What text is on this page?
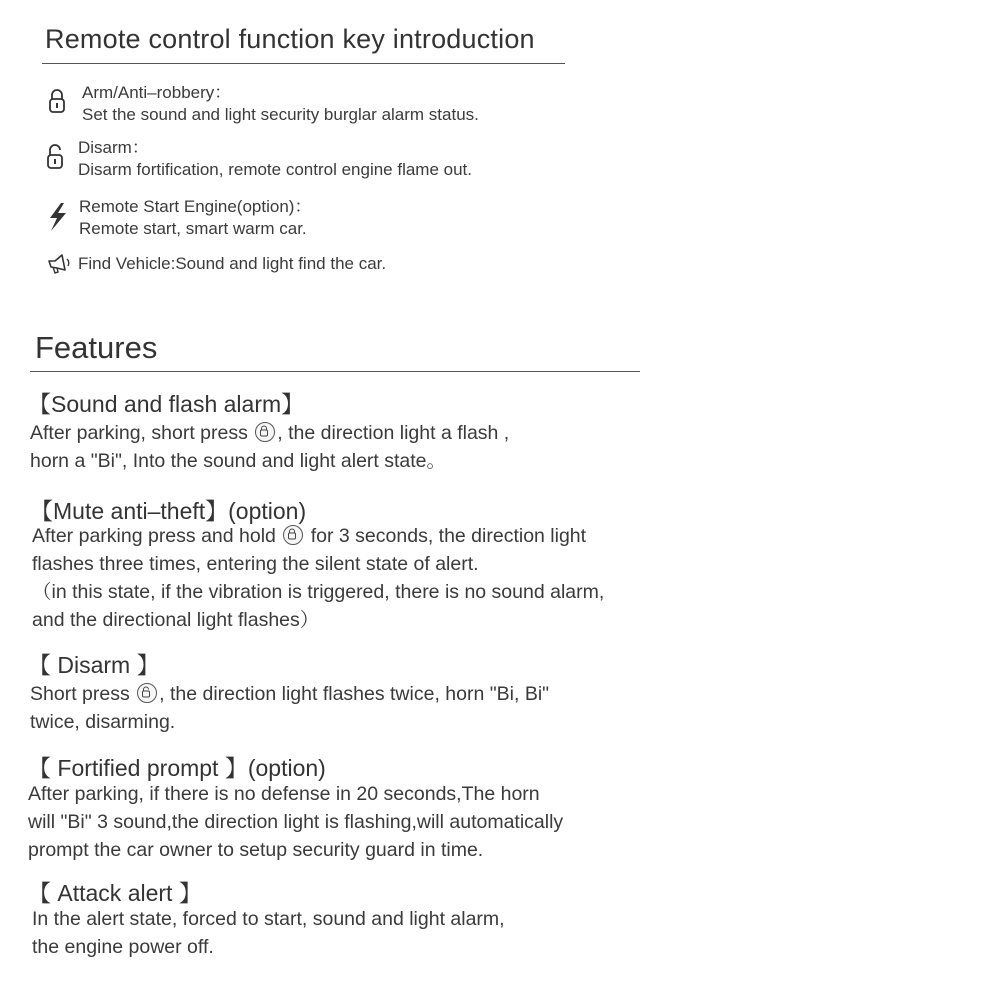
Remote control function key introduction
Arm/Anti–robbery：
Set the sound and light security burglar alarm status.
Disarm：
Disarm fortification, remote control engine flame out.
Remote Start Engine(option)：
Remote start, smart warm car.
Find Vehicle:Sound and light find the car.
Features
【Sound and flash alarm】
After parking, short press , the direction light a flash ,
horn a "Bi", Into the sound and light alert state。
【Mute anti–theft】(option)
After parking press and hold for 3 seconds, the direction light
flashes three times, entering the silent state of alert.
（in this state, if the vibration is triggered, there is no sound alarm,
and the directional light flashes）
【 Disarm 】
Short press , the direction light flashes twice, horn "Bi, Bi"
twice, disarming.
【 Fortified prompt 】(option)
After parking, if there is no defense in 20 seconds,The horn
will "Bi" 3 sound,the direction light is flashing,will automatically
prompt the car owner to setup security guard in time.
【 Attack alert 】
In the alert state, forced to start, sound and light alarm,
the engine power off.
